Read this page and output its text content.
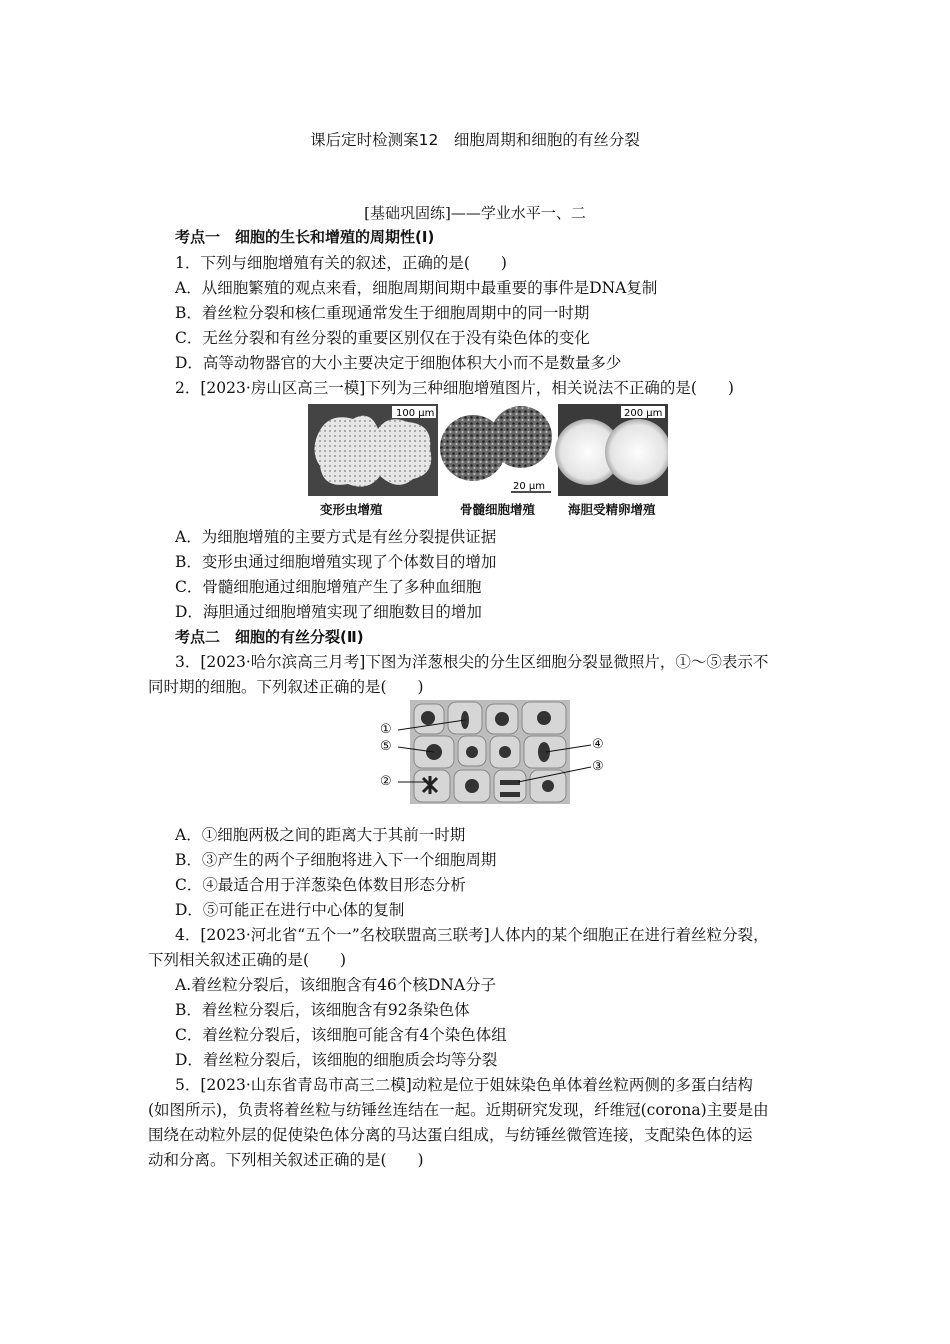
课后定时检测案12　细胞周期和细胞的有丝分裂
[基础巩固练]——学业水平一、二
考点一　细胞的生长和增殖的周期性(Ⅰ)
1．下列与细胞增殖有关的叙述，正确的是(　　)
A．从细胞繁殖的观点来看，细胞周期间期中最重要的事件是DNA复制
B．着丝粒分裂和核仁重现通常发生于细胞周期中的同一时期
C．无丝分裂和有丝分裂的重要区别仅在于没有染色体的变化
D．高等动物器官的大小主要决定于细胞体积大小而不是数量多少
2．[2023·房山区高三一模]下列为三种细胞增殖图片，相关说法不正确的是(　　)
100 μm
20 μm
200 μm
变形虫增殖	骨髓细胞增殖	海胆受精卵增殖
A．为细胞增殖的主要方式是有丝分裂提供证据
B．变形虫通过细胞增殖实现了个体数目的增加
C．骨髓细胞通过细胞增殖产生了多种血细胞
D．海胆通过细胞增殖实现了细胞数目的增加
考点二　细胞的有丝分裂(Ⅱ)
3．[2023·哈尔滨高三月考]下图为洋葱根尖的分生区细胞分裂显微照片，①～⑤表示不
同时期的细胞。下列叙述正确的是(　　)
①
⑤
②
④
③
A．①细胞两极之间的距离大于其前一时期
B．③产生的两个子细胞将进入下一个细胞周期
C．④最适合用于洋葱染色体数目形态分析
D．⑤可能正在进行中心体的复制
4．[2023·河北省“五个一”名校联盟高三联考]人体内的某个细胞正在进行着丝粒分裂，
下列相关叙述正确的是(　　)
A.着丝粒分裂后，该细胞含有46个核DNA分子
B．着丝粒分裂后，该细胞含有92条染色体
C．着丝粒分裂后，该细胞可能含有4个染色体组
D．着丝粒分裂后，该细胞的细胞质会均等分裂
5．[2023·山东省青岛市高三二模]动粒是位于姐妹染色单体着丝粒两侧的多蛋白结构
(如图所示)，负责将着丝粒与纺锤丝连结在一起。近期研究发现，纤维冠(corona)主要是由
围绕在动粒外层的促使染色体分离的马达蛋白组成，与纺锤丝微管连接，支配染色体的运
动和分离。下列相关叙述正确的是(　　)
